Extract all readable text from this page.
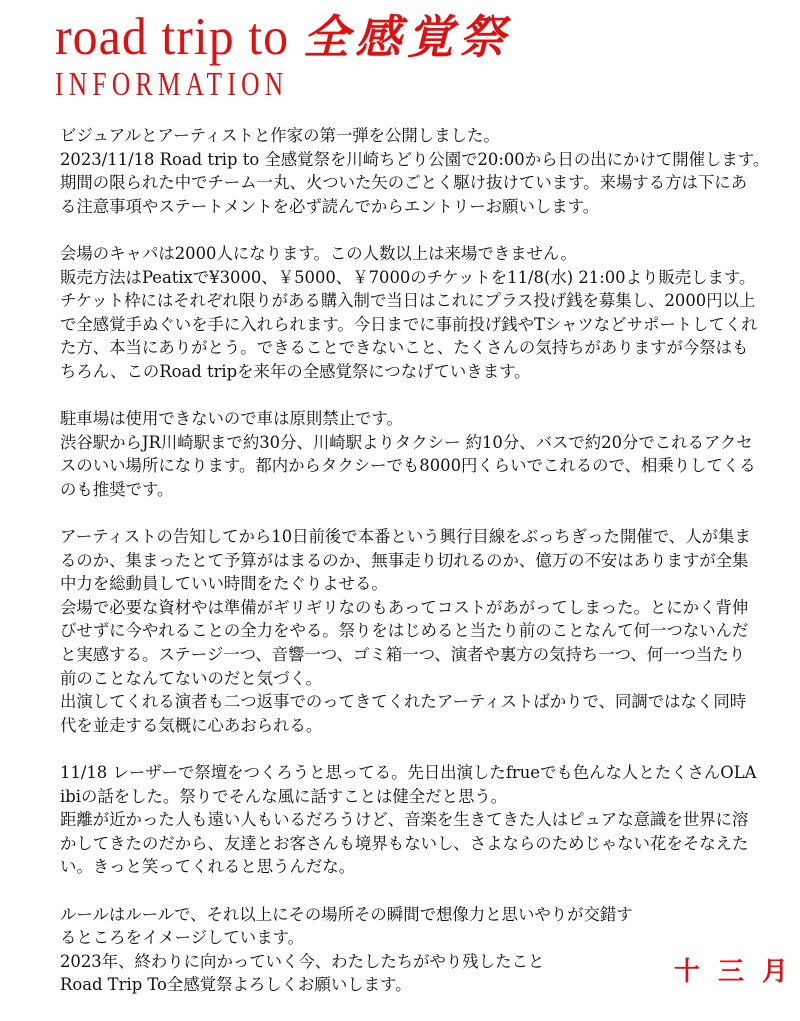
road trip to 全感覚祭
INFORMATION
ビジュアルとアーティストと作家の第一弾を公開しました。
2023/11/18 Road trip to 全感覚祭を川崎ちどり公園で20:00から日の出にかけて開催します。
期間の限られた中でチーム一丸、火ついた矢のごとく駆け抜けています。来場する方は下にあ
る注意事項やステートメントを必ず読んでからエントリーお願いします。
会場のキャパは2000人になります。この人数以上は来場できません。
販売方法はPeatixで¥3000、￥5000、￥7000のチケットを11/8(水) 21:00より販売します。
チケット枠にはそれぞれ限りがある購入制で当日はこれにプラス投げ銭を募集し、2000円以上
で全感覚手ぬぐいを手に入れられます。今日までに事前投げ銭やTシャツなどサポートしてくれ
た方、本当にありがとう。できることできないこと、たくさんの気持ちがありますが今祭はも
ちろん、このRoad tripを来年の全感覚祭につなげていきます。
駐車場は使用できないので車は原則禁止です。
渋谷駅からJR川崎駅まで約30分、川崎駅よりタクシー 約10分、バスで約20分でこれるアクセ
スのいい場所になります。都内からタクシーでも8000円くらいでこれるので、相乗りしてくる
のも推奨です。
アーティストの告知してから10日前後で本番という興行目線をぶっちぎった開催で、人が集ま
るのか、集まったとて予算がはまるのか、無事走り切れるのか、億万の不安はありますが全集
中力を総動員していい時間をたぐりよせる。
会場で必要な資材やは準備がギリギリなのもあってコストがあがってしまった。とにかく背伸
びせずに今やれることの全力をやる。祭りをはじめると当たり前のことなんて何一つないんだ
と実感する。ステージ一つ、音響一つ、ゴミ箱一つ、演者や裏方の気持ち一つ、何一つ当たり
前のことなんてないのだと気づく。
出演してくれる演者も二つ返事でのってきてくれたアーティストばかりで、同調ではなく同時
代を並走する気概に心あおられる。
11/18 レーザーで祭壇をつくろうと思ってる。先日出演したfrueでも色んな人とたくさんOLA
ibiの話をした。祭りでそんな風に話すことは健全だと思う。
距離が近かった人も遠い人もいるだろうけど、音楽を生きてきた人はピュアな意識を世界に溶
かしてきたのだから、友達とお客さんも境界もないし、さよならのためじゃない花をそなえた
い。きっと笑ってくれると思うんだな。
ルールはルールで、それ以上にその場所その瞬間で想像力と思いやりが交錯す
るところをイメージしています。
2023年、終わりに向かっていく今、わたしたちがやり残したこと
Road Trip To全感覚祭よろしくお願いします。	十 三 月
